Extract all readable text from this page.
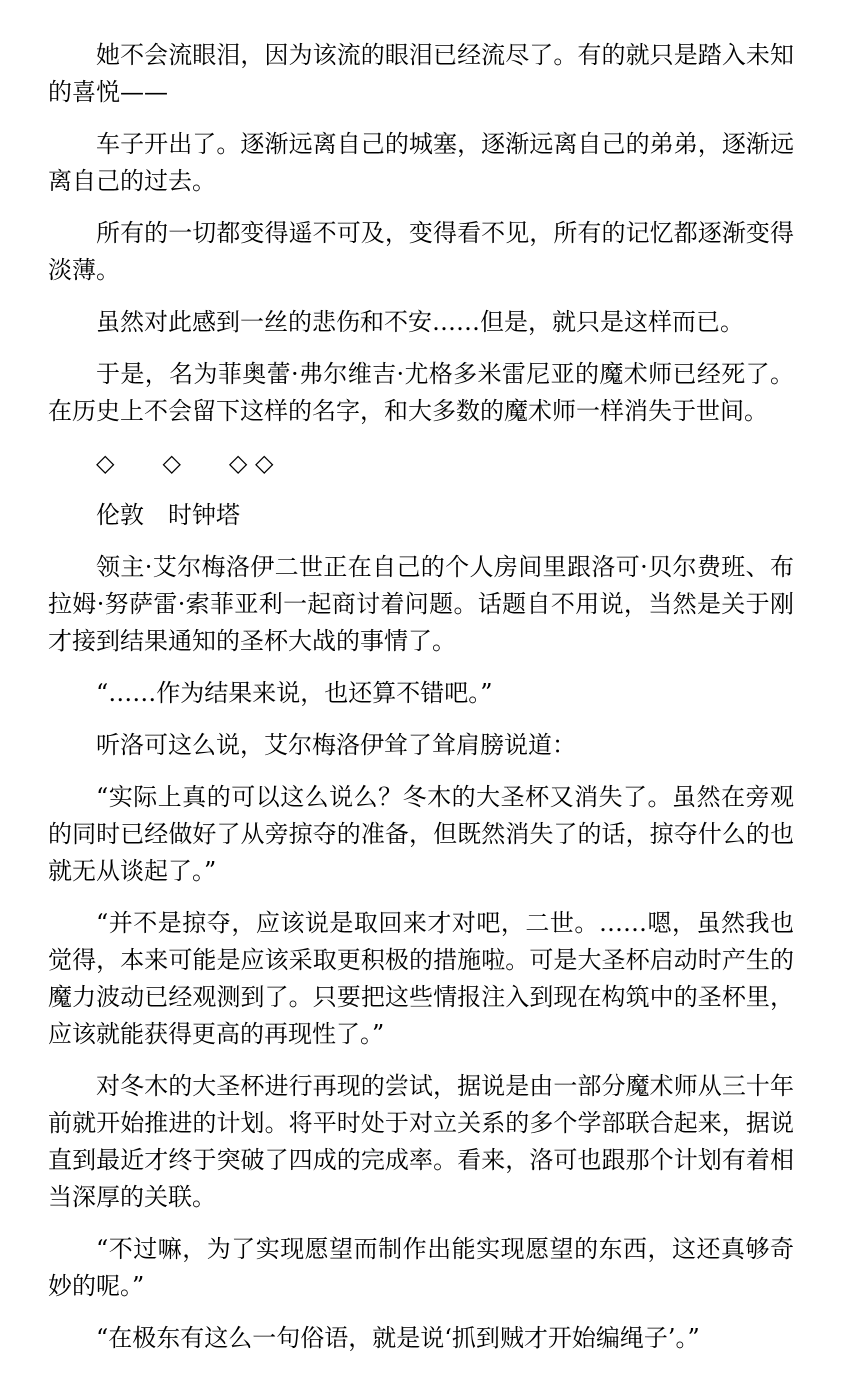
她不会流眼泪，因为该流的眼泪已经流尽了。有的就只是踏入未知的喜悦——

车子开出了。逐渐远离自己的城塞，逐渐远离自己的弟弟，逐渐远离自己的过去。

所有的一切都变得遥不可及，变得看不见，所有的记忆都逐渐变得淡薄。

虽然对此感到一丝的悲伤和不安……但是，就只是这样而已。

于是，名为菲奥蕾·弗尔维吉·尤格多米雷尼亚的魔术师已经死了。在历史上不会留下这样的名字，和大多数的魔术师一样消失于世间。

◇　　◇　　◇ ◇

伦敦　时钟塔

领主·艾尔梅洛伊二世正在自己的个人房间里跟洛可·贝尔费班、布拉姆·努萨雷·索菲亚利一起商讨着问题。话题自不用说，当然是关于刚才接到结果通知的圣杯大战的事情了。

“……作为结果来说，也还算不错吧。”

听洛可这么说，艾尔梅洛伊耸了耸肩膀说道：

“实际上真的可以这么说么？冬木的大圣杯又消失了。虽然在旁观的同时已经做好了从旁掠夺的准备，但既然消失了的话，掠夺什么的也就无从谈起了。”

“并不是掠夺，应该说是取回来才对吧，二世。……嗯，虽然我也觉得，本来可能是应该采取更积极的措施啦。可是大圣杯启动时产生的魔力波动已经观测到了。只要把这些情报注入到现在构筑中的圣杯里，应该就能获得更高的再现性了。”

对冬木的大圣杯进行再现的尝试，据说是由一部分魔术师从三十年前就开始推进的计划。将平时处于对立关系的多个学部联合起来，据说直到最近才终于突破了四成的完成率。看来，洛可也跟那个计划有着相当深厚的关联。

“不过嘛，为了实现愿望而制作出能实现愿望的东西，这还真够奇妙的呢。”

“在极东有这么一句俗语，就是说‘抓到贼才开始编绳子’。”
